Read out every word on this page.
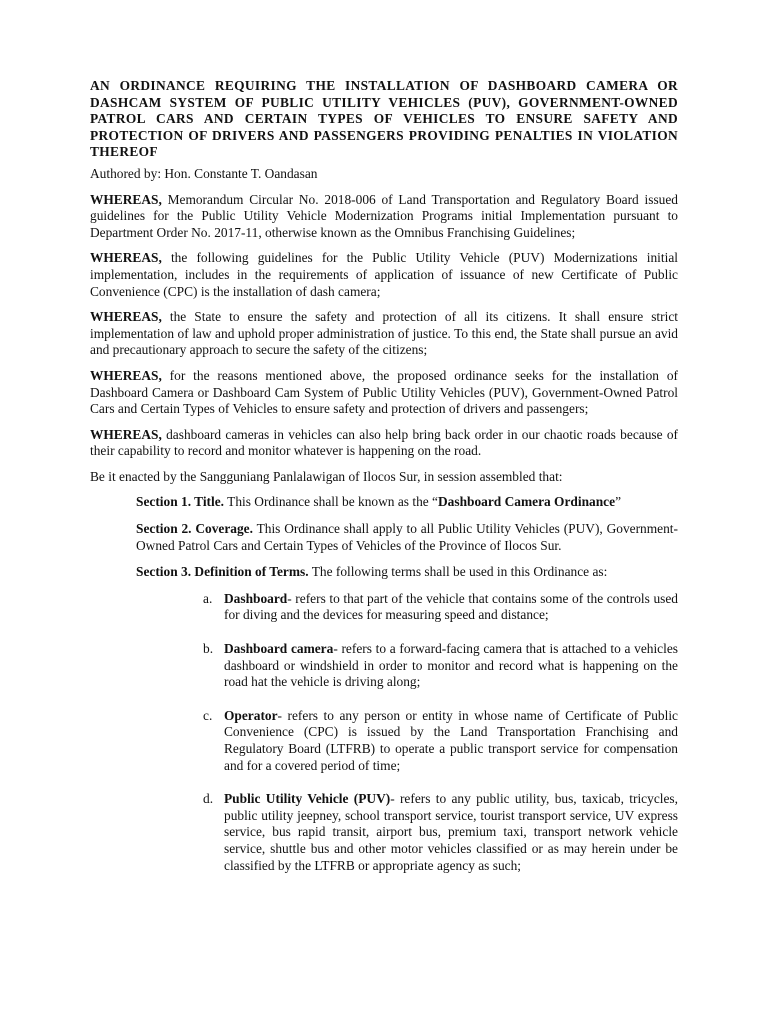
AN ORDINANCE REQUIRING THE INSTALLATION OF DASHBOARD CAMERA OR DASHCAM SYSTEM OF PUBLIC UTILITY VEHICLES (PUV), GOVERNMENT-OWNED PATROL CARS AND CERTAIN TYPES OF VEHICLES TO ENSURE SAFETY AND PROTECTION OF DRIVERS AND PASSENGERS PROVIDING PENALTIES IN VIOLATION THEREOF
Authored by: Hon. Constante T. Oandasan

WHEREAS, Memorandum Circular No. 2018-006 of Land Transportation and Regulatory Board issued guidelines for the Public Utility Vehicle Modernization Programs initial Implementation pursuant to Department Order No. 2017-11, otherwise known as the Omnibus Franchising Guidelines;

WHEREAS, the following guidelines for the Public Utility Vehicle (PUV) Modernizations initial implementation, includes in the requirements of application of issuance of new Certificate of Public Convenience (CPC) is the installation of dash camera;

WHEREAS, the State to ensure the safety and protection of all its citizens. It shall ensure strict implementation of law and uphold proper administration of justice. To this end, the State shall pursue an avid and precautionary approach to secure the safety of the citizens;

WHEREAS, for the reasons mentioned above, the proposed ordinance seeks for the installation of Dashboard Camera or Dashboard Cam System of Public Utility Vehicles (PUV), Government-Owned Patrol Cars and Certain Types of Vehicles to ensure safety and protection of drivers and passengers;

WHEREAS, dashboard cameras in vehicles can also help bring back order in our chaotic roads because of their capability to record and monitor whatever is happening on the road.

Be it enacted by the Sangguniang Panlalawigan of Ilocos Sur, in session assembled that:

Section 1. Title. This Ordinance shall be known as the “Dashboard Camera Ordinance”

Section 2. Coverage. This Ordinance shall apply to all Public Utility Vehicles (PUV), Government-Owned Patrol Cars and Certain Types of Vehicles of the Province of Ilocos Sur.

Section 3. Definition of Terms. The following terms shall be used in this Ordinance as:

a. Dashboard- refers to that part of the vehicle that contains some of the controls used for diving and the devices for measuring speed and distance;
b. Dashboard camera- refers to a forward-facing camera that is attached to a vehicles dashboard or windshield in order to monitor and record what is happening on the road hat the vehicle is driving along;
c. Operator- refers to any person or entity in whose name of Certificate of Public Convenience (CPC) is issued by the Land Transportation Franchising and Regulatory Board (LTFRB) to operate a public transport service for compensation and for a covered period of time;
d. Public Utility Vehicle (PUV)- refers to any public utility, bus, taxicab, tricycles, public utility jeepney, school transport service, tourist transport service, UV express service, bus rapid transit, airport bus, premium taxi, transport network vehicle service, shuttle bus and other motor vehicles classified or as may herein under be classified by the LTFRB or appropriate agency as such;
